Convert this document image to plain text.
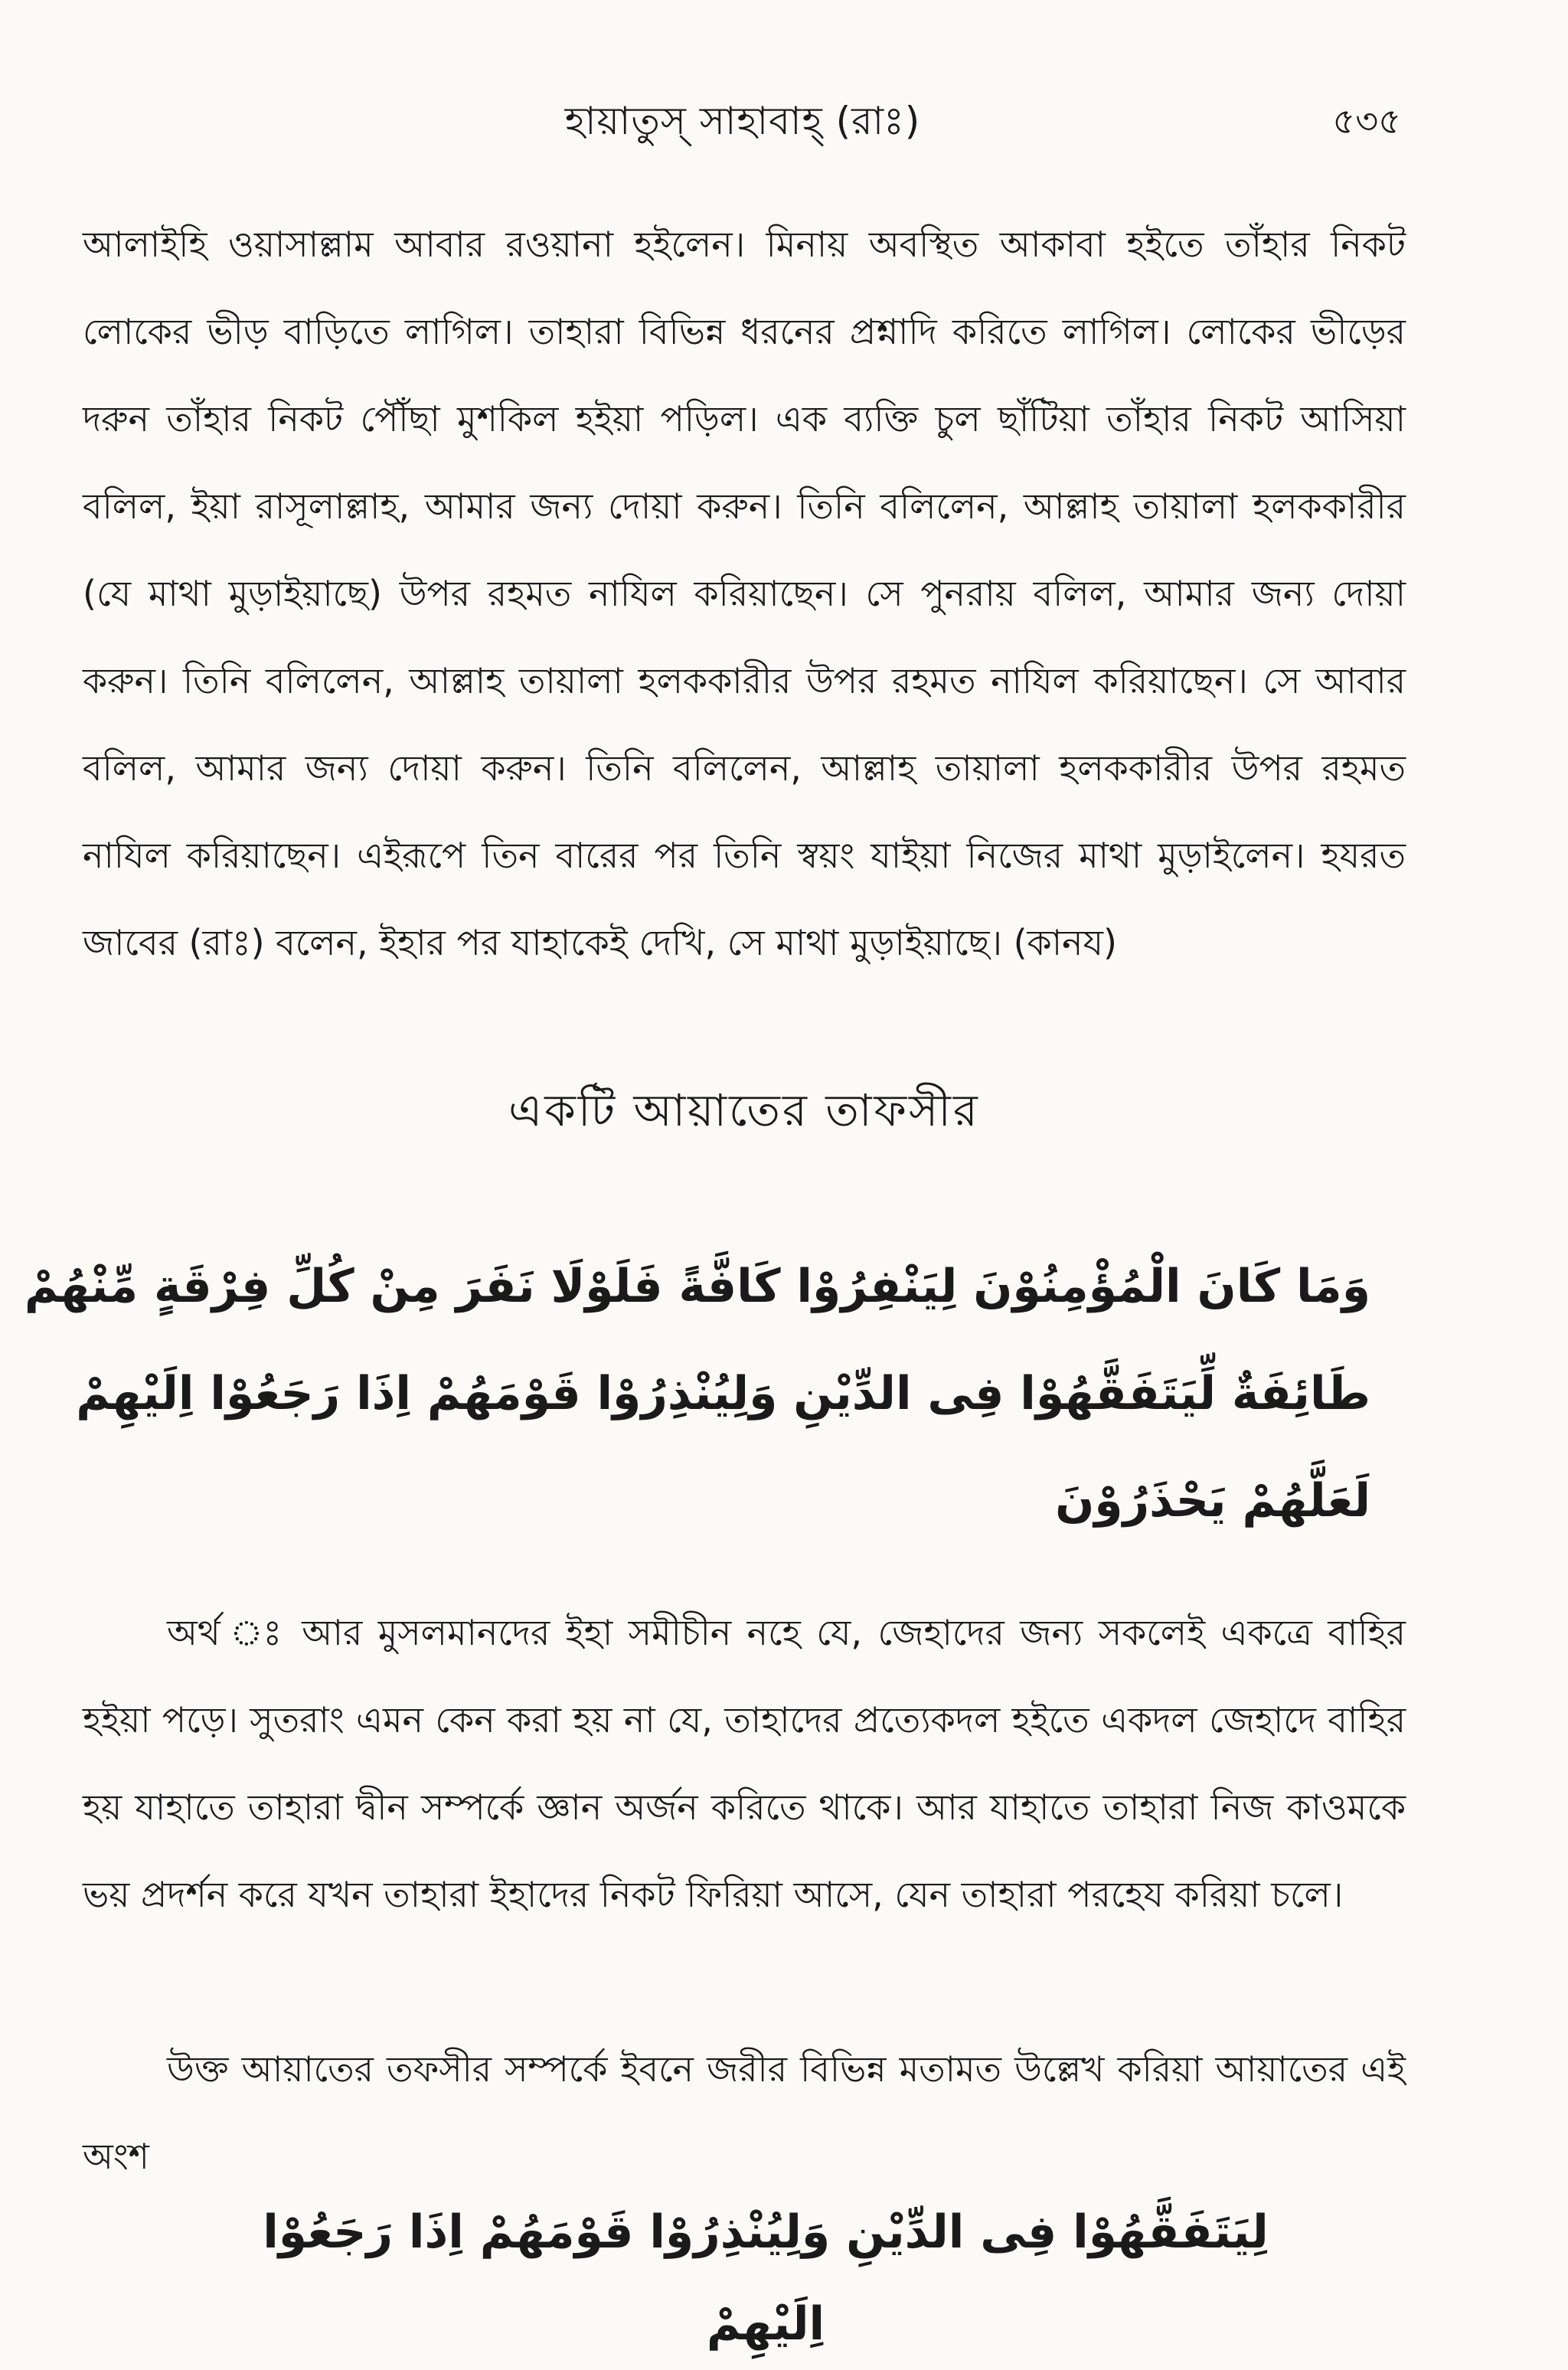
হায়াতুস্ সাহাবাহ্ (রাঃ)	৫৩৫

আলাইহি ওয়াসাল্লাম আবার রওয়ানা হইলেন। মিনায় অবস্থিত আকাবা হইতে তাঁহার নিকট লোকের ভীড় বাড়িতে লাগিল। তাহারা বিভিন্ন ধরনের প্রশ্নাদি করিতে লাগিল। লোকের ভীড়ের দরুন তাঁহার নিকট পৌঁছা মুশকিল হইয়া পড়িল। এক ব্যক্তি চুল ছাঁটিয়া তাঁহার নিকট আসিয়া বলিল, ইয়া রাসূলাল্লাহ, আমার জন্য দোয়া করুন। তিনি বলিলেন, আল্লাহ তায়ালা হলককারীর (যে মাথা মুড়াইয়াছে) উপর রহমত নাযিল করিয়াছেন। সে পুনরায় বলিল, আমার জন্য দোয়া করুন। তিনি বলিলেন, আল্লাহ তায়ালা হলককারীর উপর রহমত নাযিল করিয়াছেন। সে আবার বলিল, আমার জন্য দোয়া করুন। তিনি বলিলেন, আল্লাহ তায়ালা হলককারীর উপর রহমত নাযিল করিয়াছেন। এইরূপে তিন বারের পর তিনি স্বয়ং যাইয়া নিজের মাথা মুড়াইলেন। হযরত জাবের (রাঃ) বলেন, ইহার পর যাহাকেই দেখি, সে মাথা মুড়াইয়াছে। (কানয)

একটি আয়াতের তাফসীর
وَمَا كَانَ الْمُؤْمِنُوْنَ لِيَنْفِرُوْا كَافَّةً فَلَوْلَا نَفَرَ مِنْ كُلِّ فِرْقَةٍ مِّنْهُمْ
طَائِفَةٌ لِّيَتَفَقَّهُوْا فِى الدِّيْنِ وَلِيُنْذِرُوْا قَوْمَهُمْ اِذَا رَجَعُوْا اِلَيْهِمْ
لَعَلَّهُمْ يَحْذَرُوْنَ

অর্থ ঃ আর মুসলমানদের ইহা সমীচীন নহে যে, জেহাদের জন্য সকলেই একত্রে বাহির হইয়া পড়ে। সুতরাং এমন কেন করা হয় না যে, তাহাদের প্রত্যেকদল হইতে একদল জেহাদে বাহির হয় যাহাতে তাহারা দ্বীন সম্পর্কে জ্ঞান অর্জন করিতে থাকে। আর যাহাতে তাহারা নিজ কাওমকে ভয় প্রদর্শন করে যখন তাহারা ইহাদের নিকট ফিরিয়া আসে, যেন তাহারা পরহেয করিয়া চলে।

উক্ত আয়াতের তফসীর সম্পর্কে ইবনে জরীর বিভিন্ন মতামত উল্লেখ করিয়া আয়াতের এই অংশ

لِيَتَفَقَّهُوْا فِى الدِّيْنِ وَلِيُنْذِرُوْا قَوْمَهُمْ اِذَا رَجَعُوْا اِلَيْهِمْ
